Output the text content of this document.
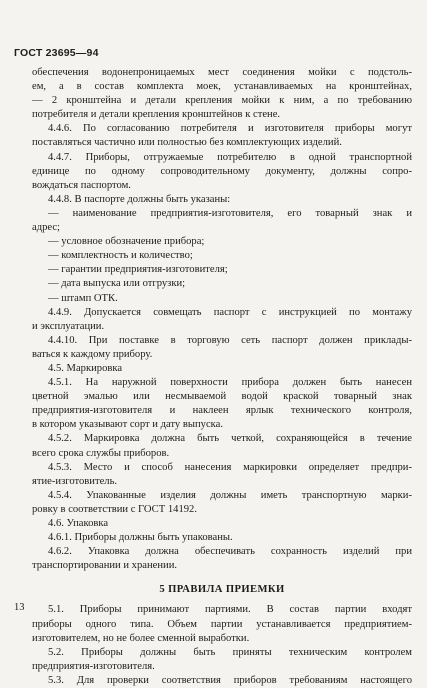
ГОСТ 23695—94
обеспечения водонепроницаемых мест соединения мойки с подстоль-
ем, а в состав комплекта моек, устанавливаемых на кронштейнах,
— 2 кронштейна и детали крепления мойки к ним, а по требованию
потребителя и детали крепления кронштейнов к стене.
4.4.6. По согласованию потребителя и изготовителя приборы могут
поставляться частично или полностью без комплектующих изделий.
4.4.7. Приборы, отгружаемые потребителю в одной транспортной
единице по одному сопроводительному документу, должны сопро-
вождаться паспортом.
4.4.8. В паспорте должны быть указаны:
— наименование предприятия-изготовителя, его товарный знак и
адрес;
— условное обозначение прибора;
— комплектность и количество;
— гарантии предприятия-изготовителя;
— дата выпуска или отгрузки;
— штамп ОТК.
4.4.9. Допускается совмещать паспорт с инструкцией по монтажу
и эксплуатации.
4.4.10. При поставке в торговую сеть паспорт должен приклады-
ваться к каждому прибору.
4.5. Маркировка
4.5.1. На наружной поверхности прибора должен быть нанесен
цветной эмалью или несмываемой водой краской товарный знак
предприятия-изготовителя и наклеен ярлык технического контроля,
в котором указывают сорт и дату выпуска.
4.5.2. Маркировка должна быть четкой, сохраняющейся в течение
всего срока службы приборов.
4.5.3. Место и способ нанесения маркировки определяет предпри-
ятие-изготовитель.
4.5.4. Упакованные изделия должны иметь транспортную марки-
ровку в соответствии с ГОСТ 14192.
4.6. Упаковка
4.6.1. Приборы должны быть упакованы.
4.6.2. Упаковка должна обеспечивать сохранность изделий при
транспортировании и хранении.
5 ПРАВИЛА ПРИЕМКИ
5.1. Приборы принимают партиями. В состав партии входят
приборы одного типа. Объем партии устанавливается предприятием-
изготовителем, но не более сменной выработки.
5.2. Приборы должны быть приняты техническим контролем
предприятия-изготовителя.
5.3. Для проверки соответствия приборов требованиям настоящего
13
